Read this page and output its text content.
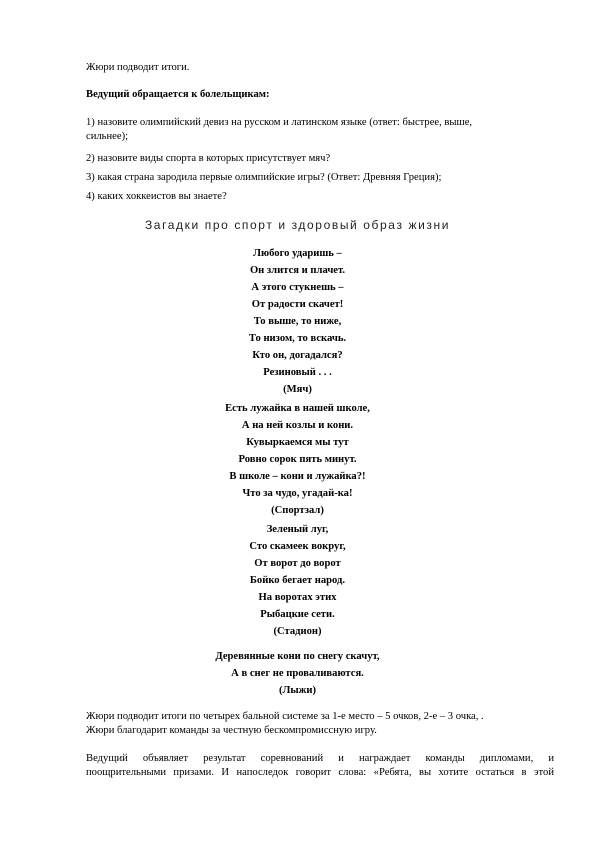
Жюри подводит итоги.

Ведущий обращается к болельщикам:

1) назовите олимпийский девиз на русском и латинском языке (ответ: быстрее, выше, сильнее);

2) назовите виды спорта в которых присутствует мяч?

3) какая страна зародила первые олимпийские игры? (Ответ: Древняя Греция);

4) каких хоккеистов вы знаете?

Загадки про спорт и здоровый образ жизни

Любого ударишь –
Он злится и плачет.
А этого стукнешь –
От радости скачет!
То выше, то ниже,
То низом, то вскачь.
Кто он, догадался?
Резиновый . . .
(Мяч)
Есть лужайка в нашей школе,
А на ней козлы и кони.
Кувыркаемся мы тут
Ровно сорок пять минут.
В школе – кони и лужайка?!
Что за чудо, угадай-ка!
(Спортзал)
Зеленый луг,
Сто скамеек вокруг,
От ворот до ворот
Бойко бегает народ.
На воротах этих
Рыбацкие сети.
(Стадион)
Деревянные кони по снегу скачут,
А в снег не проваливаются.
(Лыжи)

Жюри подводит итоги по четырех бальной системе за 1-е место – 5 очков, 2-е – 3 очка, .

Жюри благодарит команды за честную бескомпромиссную игру.

Ведущий объявляет результат соревнований и награждает команды дипломами, и

поощрительными призами. И напоследок говорит слова: «Ребята, вы хотите остаться в этой
